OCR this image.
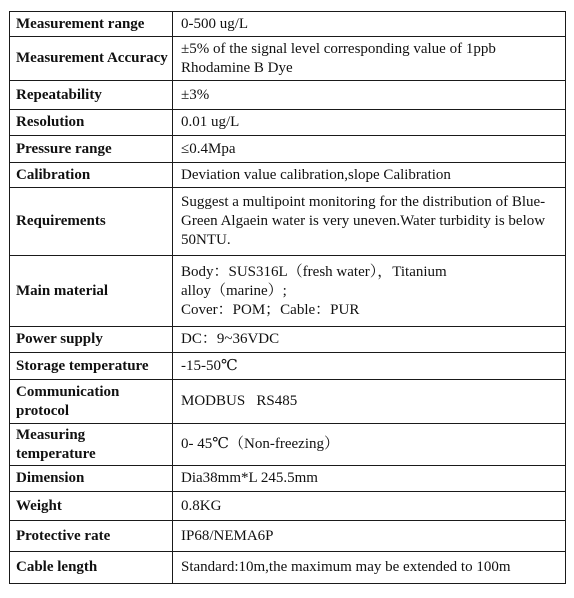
Measurement range	0-500 ug/L
Measurement Accuracy	±5% of the signal level corresponding value of 1ppb Rhodamine B Dye
Repeatability	±3%
Resolution	0.01 ug/L
Pressure range	≤0.4Mpa
Calibration	Deviation value calibration,slope Calibration
Requirements	Suggest a multipoint monitoring for the distribution of Blue-Green Algaein water is very uneven.Water turbidity is below 50NTU.
Main material	Body：SUS316L（fresh water），Titanium
alloy（marine）;
Cover：POM；Cable：PUR

Power supply	DC：9~36VDC
Storage temperature	-15-50℃
Communication protocol	MODBUS   RS485
Measuring temperature	0- 45℃（Non-freezing）
Dimension	Dia38mm*L 245.5mm
Weight	0.8KG
Protective rate	IP68/NEMA6P
Cable length	Standard:10m,the maximum may be extended to 100m
